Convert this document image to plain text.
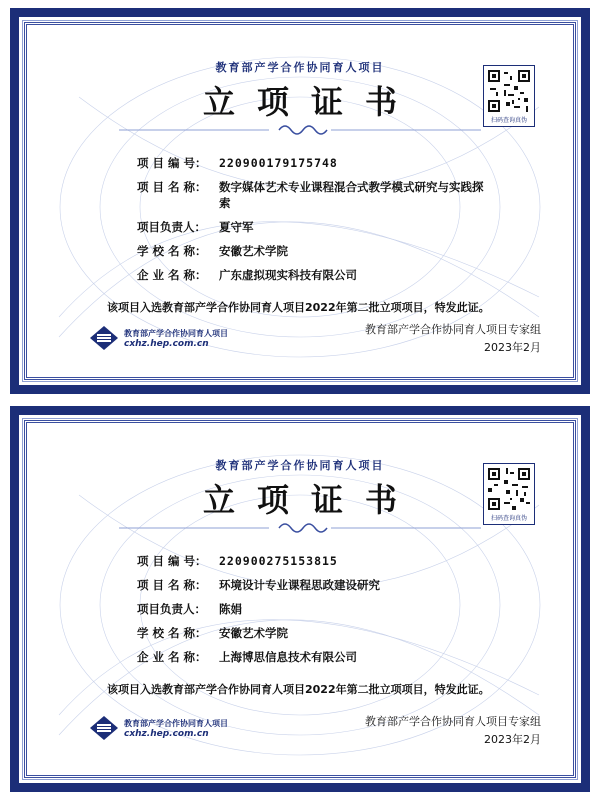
教育部产学合作协同育人项目
立项证书	扫码查询真伪
项 目 编 号：	220900179175748
项 目 名 称：	数字媒体艺术专业课程混合式教学模式研究与实践探索
项目负责人：	夏守军
学 校 名 称：	安徽艺术学院
企 业 名 称：	广东虚拟现实科技有限公司
该项目入选教育部产学合作协同育人项目2022年第二批立项项目，特发此证。
教育部产学合作协同育人项目
cxhz.hep.com.cn
教育部产学合作协同育人项目专家组
2023年2月
教育部产学合作协同育人项目
立项证书	扫码查询真伪
项 目 编 号：	220900275153815
项 目 名 称：	环境设计专业课程思政建设研究
项目负责人：	陈娟
学 校 名 称：	安徽艺术学院
企 业 名 称：	上海博思信息技术有限公司
该项目入选教育部产学合作协同育人项目2022年第二批立项项目，特发此证。
教育部产学合作协同育人项目
cxhz.hep.com.cn
教育部产学合作协同育人项目专家组
2023年2月
